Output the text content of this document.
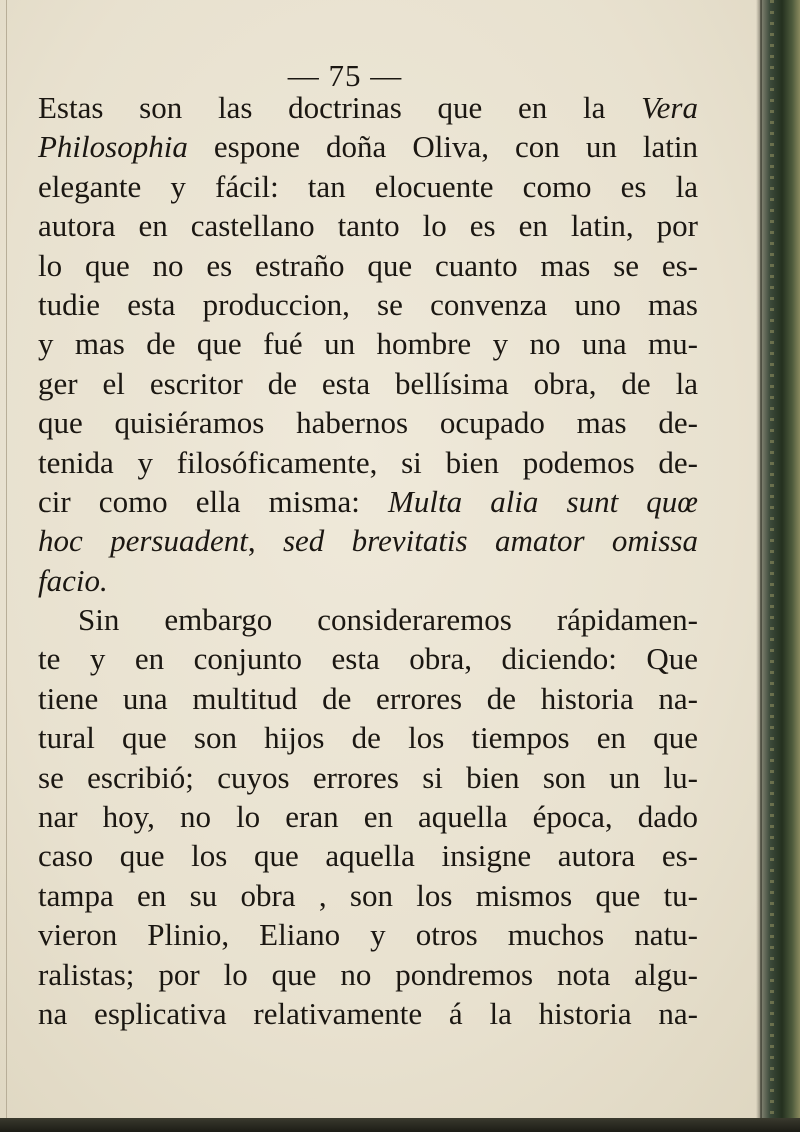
— 75 —
Estas son las doctrinas que en la Vera
Philosophia espone doña Oliva, con un latin
elegante y fácil: tan elocuente como es la
autora en castellano tanto lo es en latin, por
lo que no es estraño que cuanto mas se es-
tudie esta produccion, se convenza uno mas
y mas de que fué un hombre y no una mu-
ger el escritor de esta bellísima obra, de la
que quisiéramos habernos ocupado mas de-
tenida y filosóficamente, si bien podemos de-
cir como ella misma: Multa alia sunt quœ
hoc persuadent, sed brevitatis amator omissa
facio.
Sin embargo consideraremos rápidamen-
te y en conjunto esta obra, diciendo: Que
tiene una multitud de errores de historia na-
tural que son hijos de los tiempos en que
se escribió; cuyos errores si bien son un lu-
nar hoy, no lo eran en aquella época, dado
caso que los que aquella insigne autora es-
tampa en su obra , son los mismos que tu-
vieron Plinio, Eliano y otros muchos natu-
ralistas; por lo que no pondremos nota algu-
na esplicativa relativamente á la historia na-
